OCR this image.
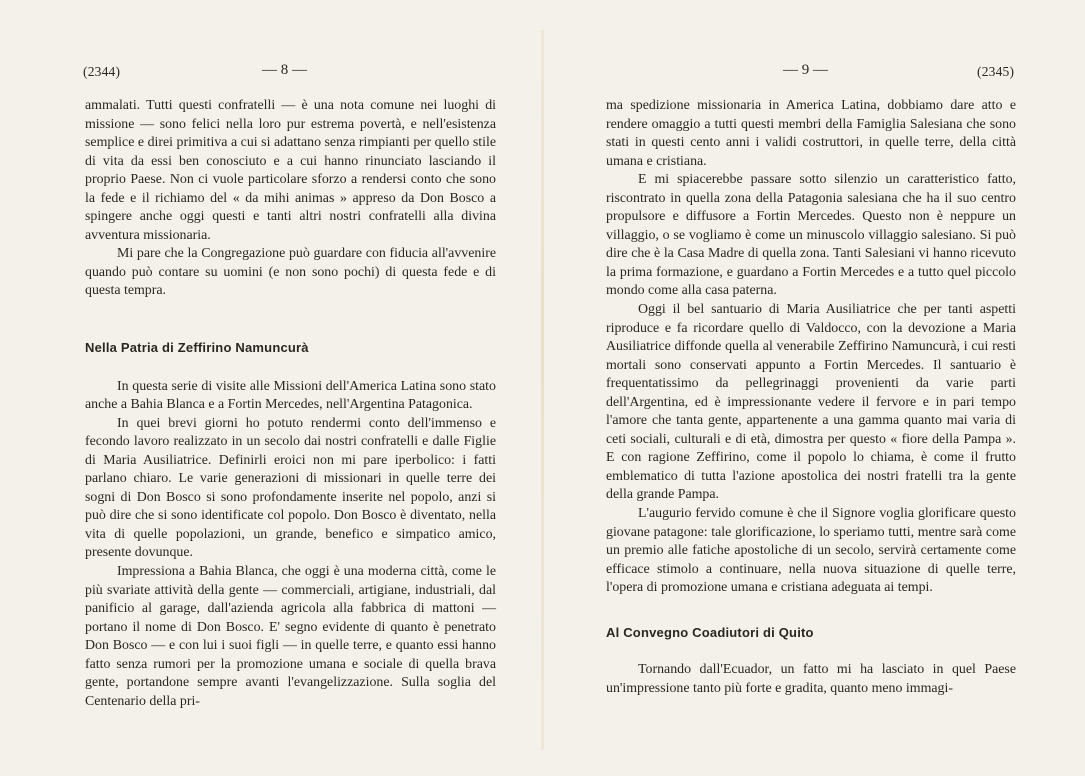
(2344)	— 8 —

ammalati. Tutti questi confratelli — è una nota comune nei luoghi di missione — sono felici nella loro pur estrema povertà, e nell'esistenza semplice e direi primitiva a cui si adattano senza rimpianti per quello stile di vita da essi ben conosciuto e a cui hanno rinunciato lasciando il proprio Paese. Non ci vuole particolare sforzo a rendersi conto che sono la fede e il richiamo del « da mihi animas » appreso da Don Bosco a spingere anche oggi questi e tanti altri nostri confratelli alla divina avventura missionaria.

Mi pare che la Congregazione può guardare con fiducia all'avvenire quando può contare su uomini (e non sono pochi) di questa fede e di questa tempra.

Nella Patria di Zeffirino Namuncurà

In questa serie di visite alle Missioni dell'America Latina sono stato anche a Bahia Blanca e a Fortin Mercedes, nell'Argentina Patagonica.

In quei brevi giorni ho potuto rendermi conto dell'immenso e fecondo lavoro realizzato in un secolo dai nostri confratelli e dalle Figlie di Maria Ausiliatrice. Definirli eroici non mi pare iperbolico: i fatti parlano chiaro. Le varie generazioni di missionari in quelle terre dei sogni di Don Bosco si sono profondamente inserite nel popolo, anzi si può dire che si sono identificate col popolo. Don Bosco è diventato, nella vita di quelle popolazioni, un grande, benefico e simpatico amico, presente dovunque.

Impressiona a Bahia Blanca, che oggi è una moderna città, come le più svariate attività della gente — commerciali, artigiane, industriali, dal panificio al garage, dall'azienda agricola alla fabbrica di mattoni — portano il nome di Don Bosco. E' segno evidente di quanto è penetrato Don Bosco — e con lui i suoi figli — in quelle terre, e quanto essi hanno fatto senza rumori per la promozione umana e sociale di quella brava gente, portandone sempre avanti l'evangelizzazione. Sulla soglia del Centenario della pri-

— 9 —	(2345)

ma spedizione missionaria in America Latina, dobbiamo dare atto e rendere omaggio a tutti questi membri della Famiglia Salesiana che sono stati in questi cento anni i validi costruttori, in quelle terre, della città umana e cristiana.

E mi spiacerebbe passare sotto silenzio un caratteristico fatto, riscontrato in quella zona della Patagonia salesiana che ha il suo centro propulsore e diffusore a Fortin Mercedes. Questo non è neppure un villaggio, o se vogliamo è come un minuscolo villaggio salesiano. Si può dire che è la Casa Madre di quella zona. Tanti Salesiani vi hanno ricevuto la prima formazione, e guardano a Fortin Mercedes e a tutto quel piccolo mondo come alla casa paterna.

Oggi il bel santuario di Maria Ausiliatrice che per tanti aspetti riproduce e fa ricordare quello di Valdocco, con la devozione a Maria Ausiliatrice diffonde quella al venerabile Zeffirino Namuncurà, i cui resti mortali sono conservati appunto a Fortin Mercedes. Il santuario è frequentatissimo da pellegrinaggi provenienti da varie parti dell'Argentina, ed è impressionante vedere il fervore e in pari tempo l'amore che tanta gente, appartenente a una gamma quanto mai varia di ceti sociali, culturali e di età, dimostra per questo « fiore della Pampa ». E con ragione Zeffirino, come il popolo lo chiama, è come il frutto emblematico di tutta l'azione apostolica dei nostri fratelli tra la gente della grande Pampa.

L'augurio fervido comune è che il Signore voglia glorificare questo giovane patagone: tale glorificazione, lo speriamo tutti, mentre sarà come un premio alle fatiche apostoliche di un secolo, servirà certamente come efficace stimolo a continuare, nella nuova situazione di quelle terre, l'opera di promozione umana e cristiana adeguata ai tempi.

Al Convegno Coadiutori di Quito

Tornando dall'Ecuador, un fatto mi ha lasciato in quel Paese un'impressione tanto più forte e gradita, quanto meno immagi-
